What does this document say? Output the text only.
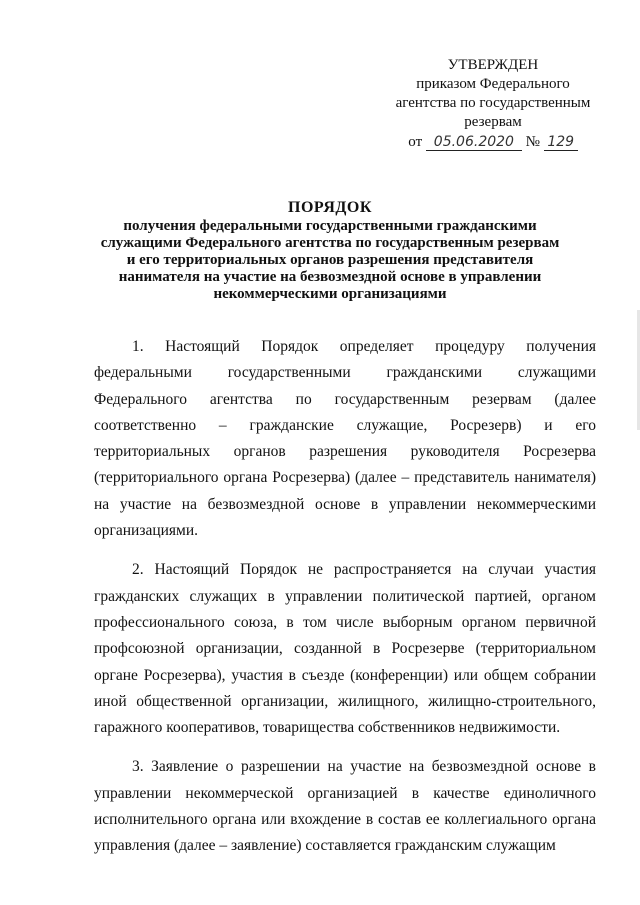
УТВЕРЖДЕН
приказом Федерального
агентства по государственным
резервам
от 05.06.2020 № 129
ПОРЯДОК
получения федеральными государственными гражданскими
служащими Федерального агентства по государственным резервам
и его территориальных органов разрешения представителя
нанимателя на участие на безвозмездной основе в управлении
некоммерческими организациями

1. Настоящий Порядок определяет процедуру получения федеральными государственными гражданскими служащими Федерального агентства по государственным резервам (далее соответственно – гражданские служащие, Росрезерв) и его территориальных органов разрешения руководителя Росрезерва (территориального органа Росрезерва) (далее – представитель нанимателя) на участие на безвозмездной основе в управлении некоммерческими организациями.

2. Настоящий Порядок не распространяется на случаи участия гражданских служащих в управлении политической партией, органом профессионального союза, в том числе выборным органом первичной профсоюзной организации, созданной в Росрезерве (территориальном органе Росрезерва), участия в съезде (конференции) или общем собрании иной общественной организации, жилищного, жилищно-строительного, гаражного кооперативов, товарищества собственников недвижимости.

3. Заявление о разрешении на участие на безвозмездной основе в управлении некоммерческой организацией в качестве единоличного исполнительного органа или вхождение в состав ее коллегиального органа управления (далее – заявление) составляется гражданским служащим
